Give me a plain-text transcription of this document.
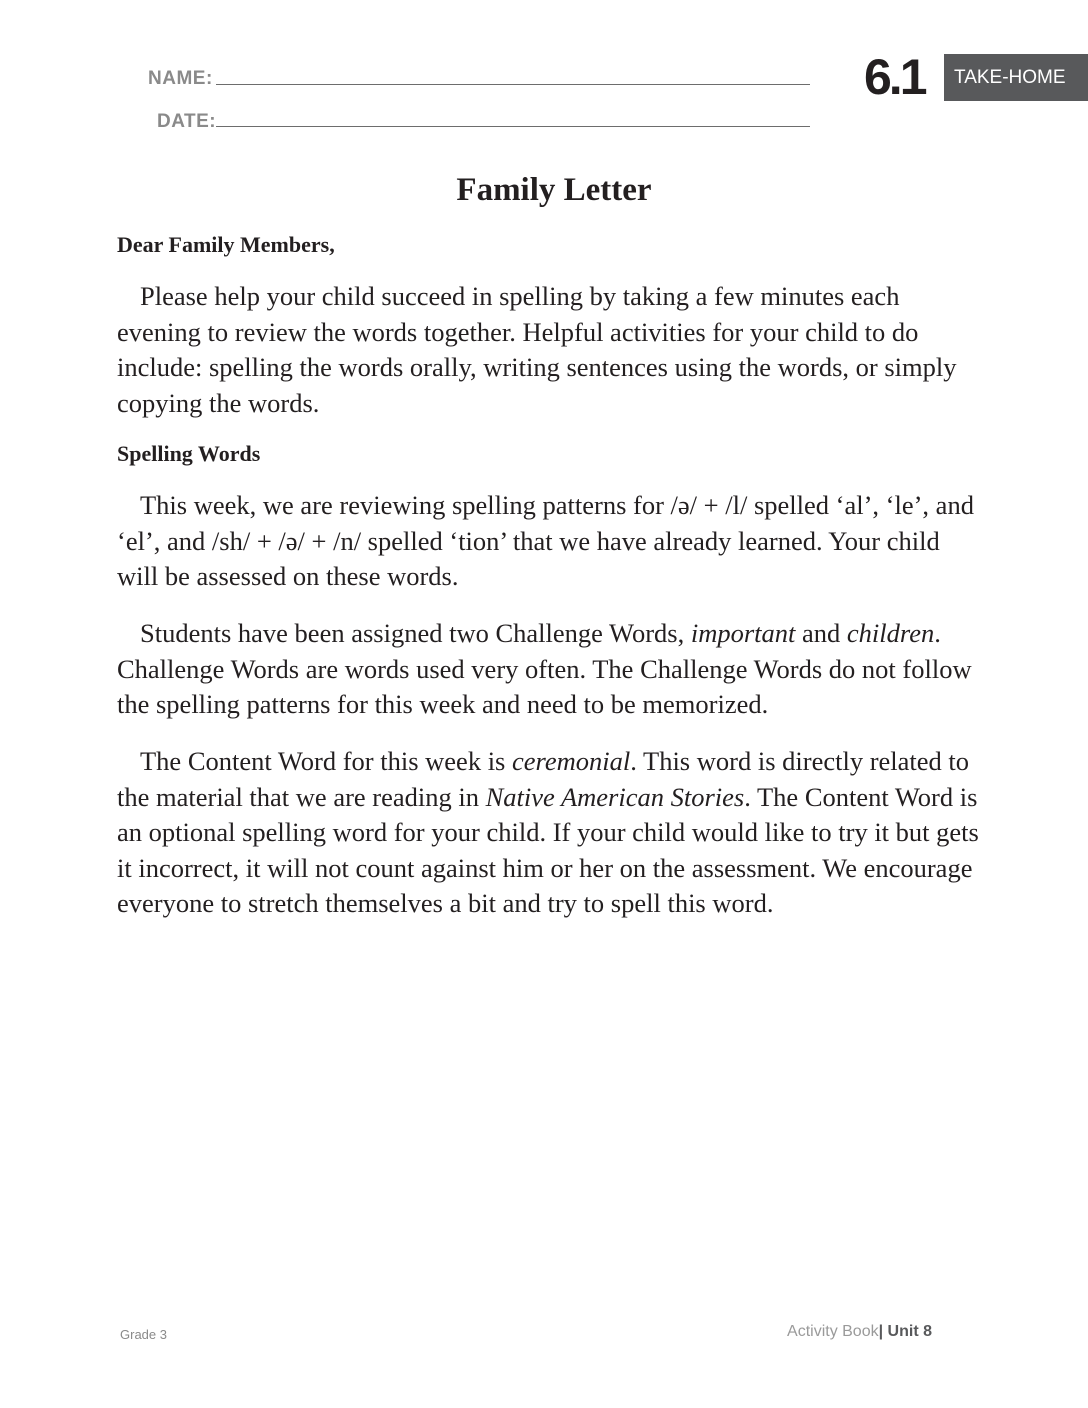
NAME:
DATE:
6.1	TAKE-HOME
Family Letter
Dear Family Members,

Please help your child succeed in spelling by taking a few minutes each evening to review the words together. Helpful activities for your child to do include: spelling the words orally, writing sentences using the words, or simply copying the words.

Spelling Words

This week, we are reviewing spelling patterns for /ə/ + /l/ spelled ‘al’, ‘le’, and ‘el’, and /sh/ + /ə/ + /n/ spelled ‘tion’ that we have already learned. Your child will be assessed on these words.

Students have been assigned two Challenge Words, important and children. Challenge Words are words used very often. The Challenge Words do not follow the spelling patterns for this week and need to be memorized.

The Content Word for this week is ceremonial. This word is directly related to the material that we are reading in Native American Stories. The Content Word is an optional spelling word for your child. If your child would like to try it but gets it incorrect, it will not count against him or her on the assessment. We encourage everyone to stretch themselves a bit and try to spell this word.

Grade 3	Activity Book| Unit 8
